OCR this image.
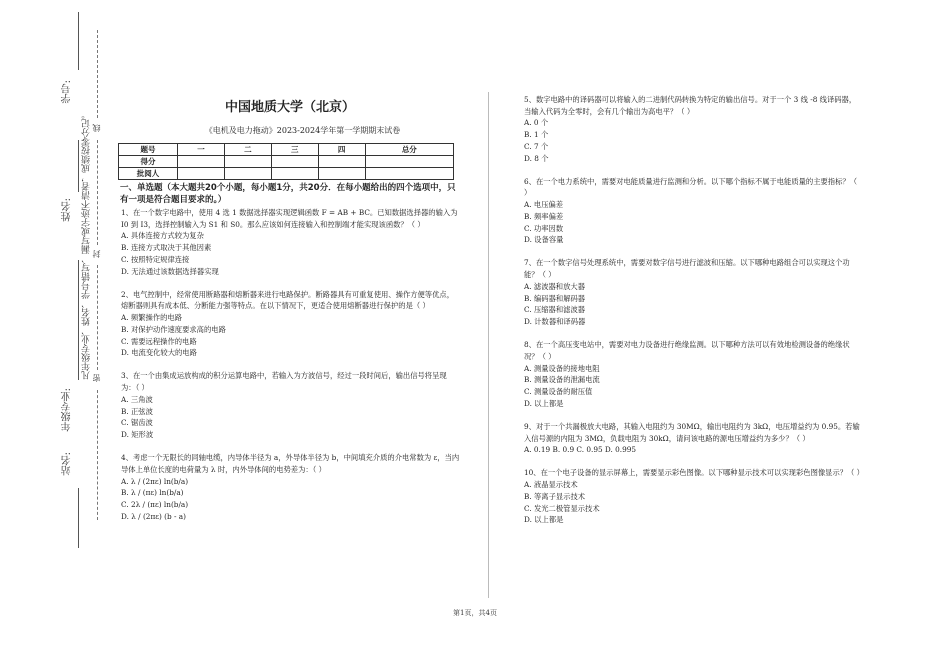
学号:
姓名:
年级专业:
站名:
凡年级专业、姓名、学号错写、漏写或字迹不清者，成绩按零分记。 线
封
密
中国地质大学（北京）
《电机及电力拖动》2023-2024学年第一学期期末试卷
题号	一	二	三	四	总分
得分					
批阅人					
一、单选题（本大题共20个小题，每小题1分，共20分．在每小题给出的四个选项中，只有一项是符合题目要求的。）
1、在一个数字电路中，使用 4 选 1 数据选择器实现逻辑函数 F = AB + BC。已知数据选择器的输入为 I0 到 I3，选择控制输入为 S1 和 S0。那么应该如何连接输入和控制端才能实现该函数？（ ）
A. 具体连接方式较为复杂
B. 连接方式取决于其他因素
C. 按照特定规律连接
D. 无法通过该数据选择器实现
2、电气控制中，经常使用断路器和熔断器来进行电路保护。断路器具有可重复使用、操作方便等优点，熔断器则具有成本低、分断能力强等特点。在以下情况下，更适合使用熔断器进行保护的是（ ）
A. 频繁操作的电路
B. 对保护动作速度要求高的电路
C. 需要远程操作的电路
D. 电流变化较大的电路
3、在一个由集成运放构成的积分运算电路中，若输入为方波信号，经过一段时间后，输出信号将呈现为：（ ）
A. 三角波
B. 正弦波
C. 锯齿波
D. 矩形波
4、考虑一个无限长的同轴电缆，内导体半径为 a，外导体半径为 b，中间填充介质的介电常数为 ε，当内导体上单位长度的电荷量为 λ 时，内外导体间的电势差为：（ ）
A. λ / (2πε) ln(b/a)
B. λ / (πε) ln(b/a)
C. 2λ / (πε) ln(b/a)
D. λ / (2πε) (b - a)
5、数字电路中的译码器可以将输入的二进制代码转换为特定的输出信号。对于一个 3 线 -8 线译码器，当输入代码为全零时，会有几个输出为高电平？（ ）
A. 0 个
B. 1 个
C. 7 个
D. 8 个
6、在一个电力系统中，需要对电能质量进行监测和分析。以下哪个指标不属于电能质量的主要指标？（ ）
A. 电压偏差
B. 频率偏差
C. 功率因数
D. 设备容量
7、在一个数字信号处理系统中，需要对数字信号进行滤波和压缩。以下哪种电路组合可以实现这个功能？（ ）
A. 滤波器和放大器
B. 编码器和解码器
C. 压缩器和滤波器
D. 计数器和译码器
8、在一个高压变电站中，需要对电力设备进行绝缘监测。以下哪种方法可以有效地检测设备的绝缘状况？（ ）
A. 测量设备的接地电阻
B. 测量设备的泄漏电流
C. 测量设备的耐压值
D. 以上都是
9、对于一个共漏极放大电路，其输入电阻约为 30MΩ，输出电阻约为 3kΩ，电压增益约为 0.95。若输入信号源的内阻为 3MΩ，负载电阻为 30kΩ，请问该电路的源电压增益约为多少？（ ）
A. 0.19 B. 0.9 C. 0.95 D. 0.995
10、在一个电子设备的显示屏幕上，需要显示彩色图像。以下哪种显示技术可以实现彩色图像显示？（ ）
A. 液晶显示技术
B. 等离子显示技术
C. 发光二极管显示技术
D. 以上都是
第1页，共4页
